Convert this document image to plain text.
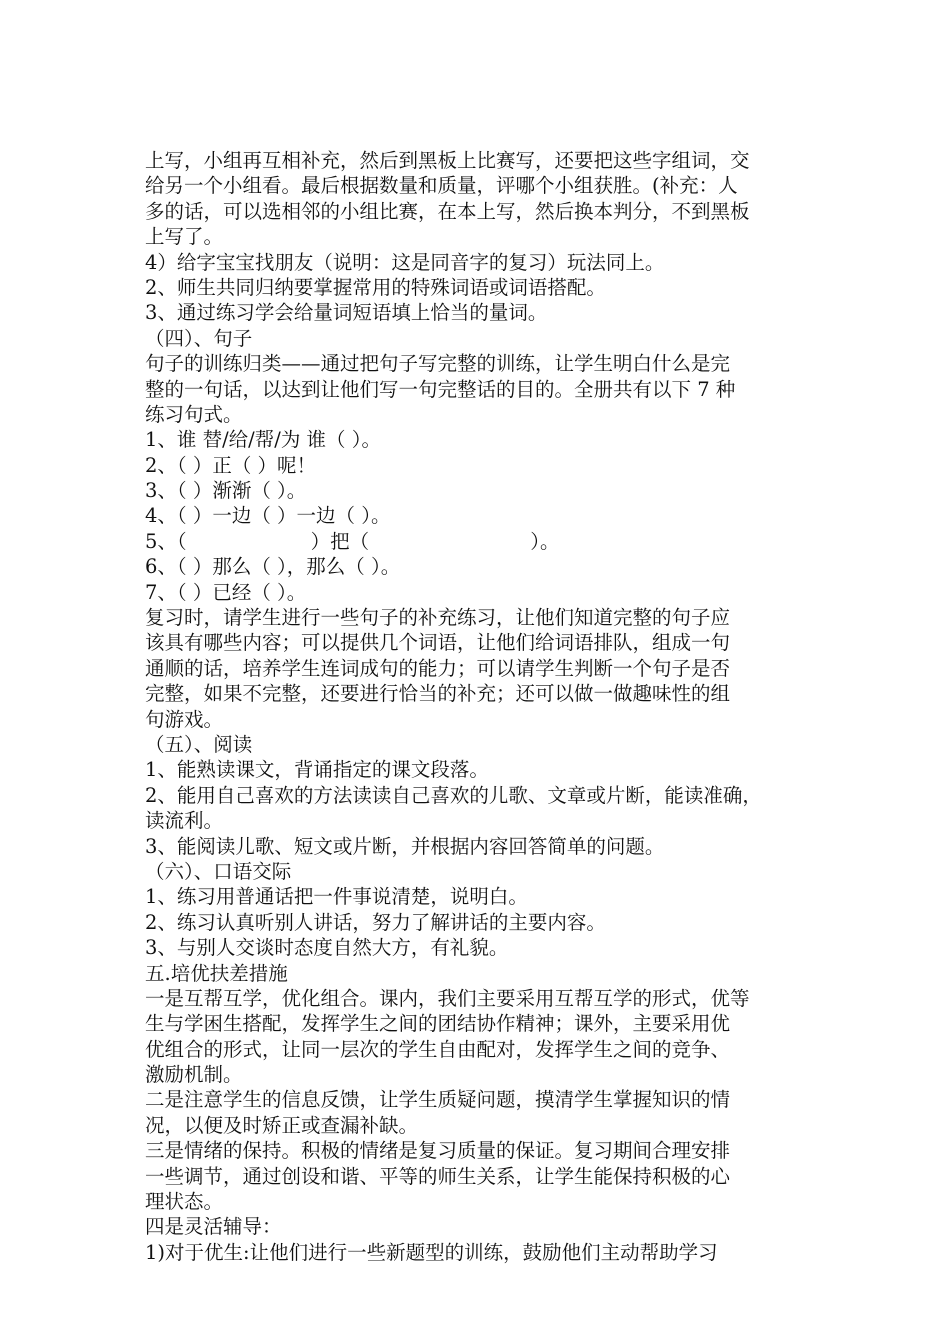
上写，小组再互相补充，然后到黑板上比赛写，还要把这些字组词，交
给另一个小组看。最后根据数量和质量，评哪个小组获胜。(补充：人
多的话，可以选相邻的小组比赛，在本上写，然后换本判分，不到黑板
上写了。
4）给字宝宝找朋友（说明：这是同音字的复习）玩法同上。
2、师生共同归纳要掌握常用的特殊词语或词语搭配。
3、通过练习学会给量词短语填上恰当的量词。
（四）、句子
句子的训练归类——通过把句子写完整的训练，让学生明白什么是完
整的一句话，以达到让他们写一句完整话的目的。全册共有以下 7 种
练习句式。
1、谁 替/给/帮/为 谁（ ）。
2、（ ）正（ ）呢！
3、（ ）渐渐（ ）。
4、（ ）一边（ ）一边（ ）。
5、（                    ）把（                          ）。
6、（ ）那么（ ），那么（ ）。
7、（ ）已经（ ）。
复习时，请学生进行一些句子的补充练习，让他们知道完整的句子应
该具有哪些内容；可以提供几个词语，让他们给词语排队，组成一句
通顺的话，培养学生连词成句的能力；可以请学生判断一个句子是否
完整，如果不完整，还要进行恰当的补充；还可以做一做趣味性的组
句游戏。
（五）、阅读
1、能熟读课文，背诵指定的课文段落。
2、能用自己喜欢的方法读读自己喜欢的儿歌、文章或片断，能读准确，
读流利。
3、能阅读儿歌、短文或片断，并根据内容回答简单的问题。
（六）、口语交际
1、练习用普通话把一件事说清楚，说明白。
2、练习认真听别人讲话，努力了解讲话的主要内容。
3、与别人交谈时态度自然大方，有礼貌。
五.培优扶差措施
一是互帮互学，优化组合。课内，我们主要采用互帮互学的形式，优等
生与学困生搭配，发挥学生之间的团结协作精神；课外，主要采用优
优组合的形式，让同一层次的学生自由配对，发挥学生之间的竞争、
激励机制。
二是注意学生的信息反馈，让学生质疑问题，摸清学生掌握知识的情
况，以便及时矫正或查漏补缺。
三是情绪的保持。积极的情绪是复习质量的保证。复习期间合理安排
一些调节，通过创设和谐、平等的师生关系，让学生能保持积极的心
理状态。
四是灵活辅导：
1)对于优生:让他们进行一些新题型的训练，鼓励他们主动帮助学习
